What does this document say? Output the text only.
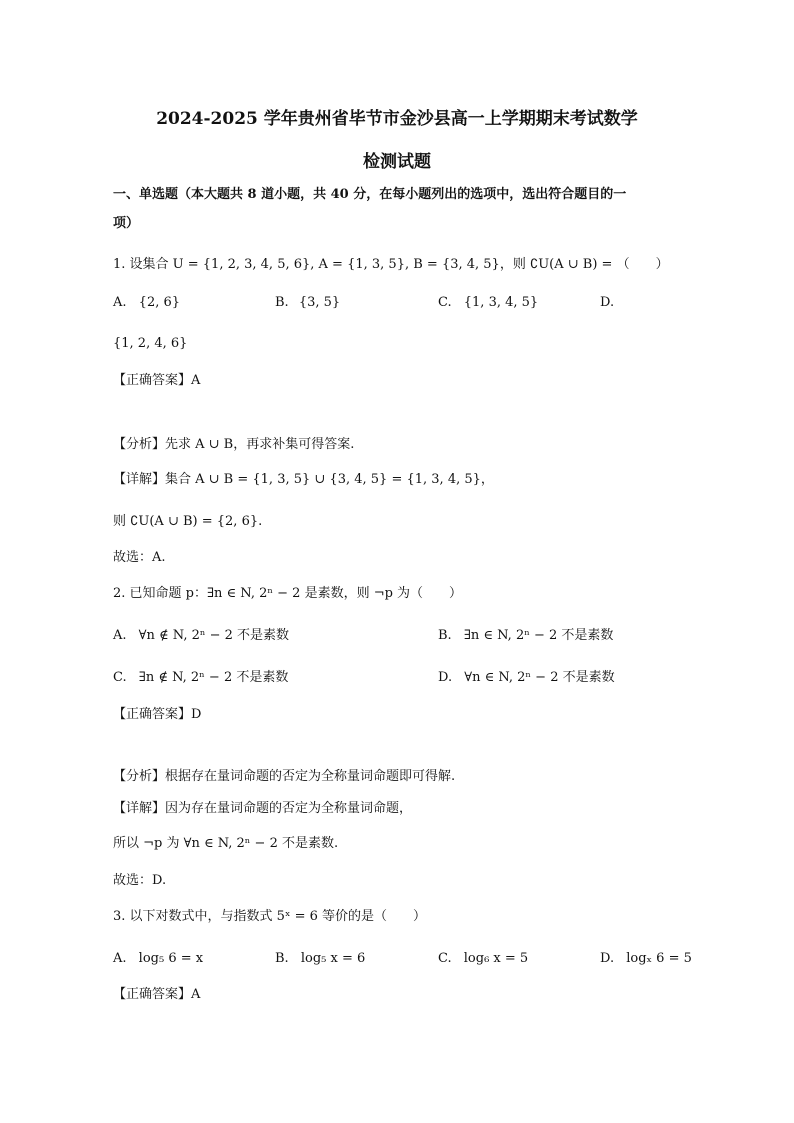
2024-2025 学年贵州省毕节市金沙县高一上学期期末考试数学
检测试题
一、单选题（本大题共 8 道小题，共 40 分，在每小题列出的选项中，选出符合题目的一
项）
1. 设集合 U = {1, 2, 3, 4, 5, 6}, A = {1, 3, 5}, B = {3, 4, 5}，则 ∁U(A ∪ B) = （　　）
A. {2, 6}	B. {3, 5}	C. {1, 3, 4, 5}	D.
{1, 2, 4, 6}
【正确答案】A
【分析】先求 A ∪ B，再求补集可得答案.
【详解】集合 A ∪ B = {1, 3, 5} ∪ {3, 4, 5} = {1, 3, 4, 5}，
则 ∁U(A ∪ B) = {2, 6}.
故选：A.
2. 已知命题 p：∃n ∈ N, 2ⁿ − 2 是素数，则 ¬p 为（　　）
A. ∀n ∉ N, 2ⁿ − 2 不是素数	B. ∃n ∈ N, 2ⁿ − 2 不是素数
C. ∃n ∉ N, 2ⁿ − 2 不是素数	D. ∀n ∈ N, 2ⁿ − 2 不是素数
【正确答案】D
【分析】根据存在量词命题的否定为全称量词命题即可得解.
【详解】因为存在量词命题的否定为全称量词命题，
所以 ¬p 为 ∀n ∈ N, 2ⁿ − 2 不是素数.
故选：D.
3. 以下对数式中，与指数式 5ˣ = 6 等价的是（　　）
A. log₅ 6 = x	B. log₅ x = 6	C. log₆ x = 5	D. logₓ 6 = 5
【正确答案】A
